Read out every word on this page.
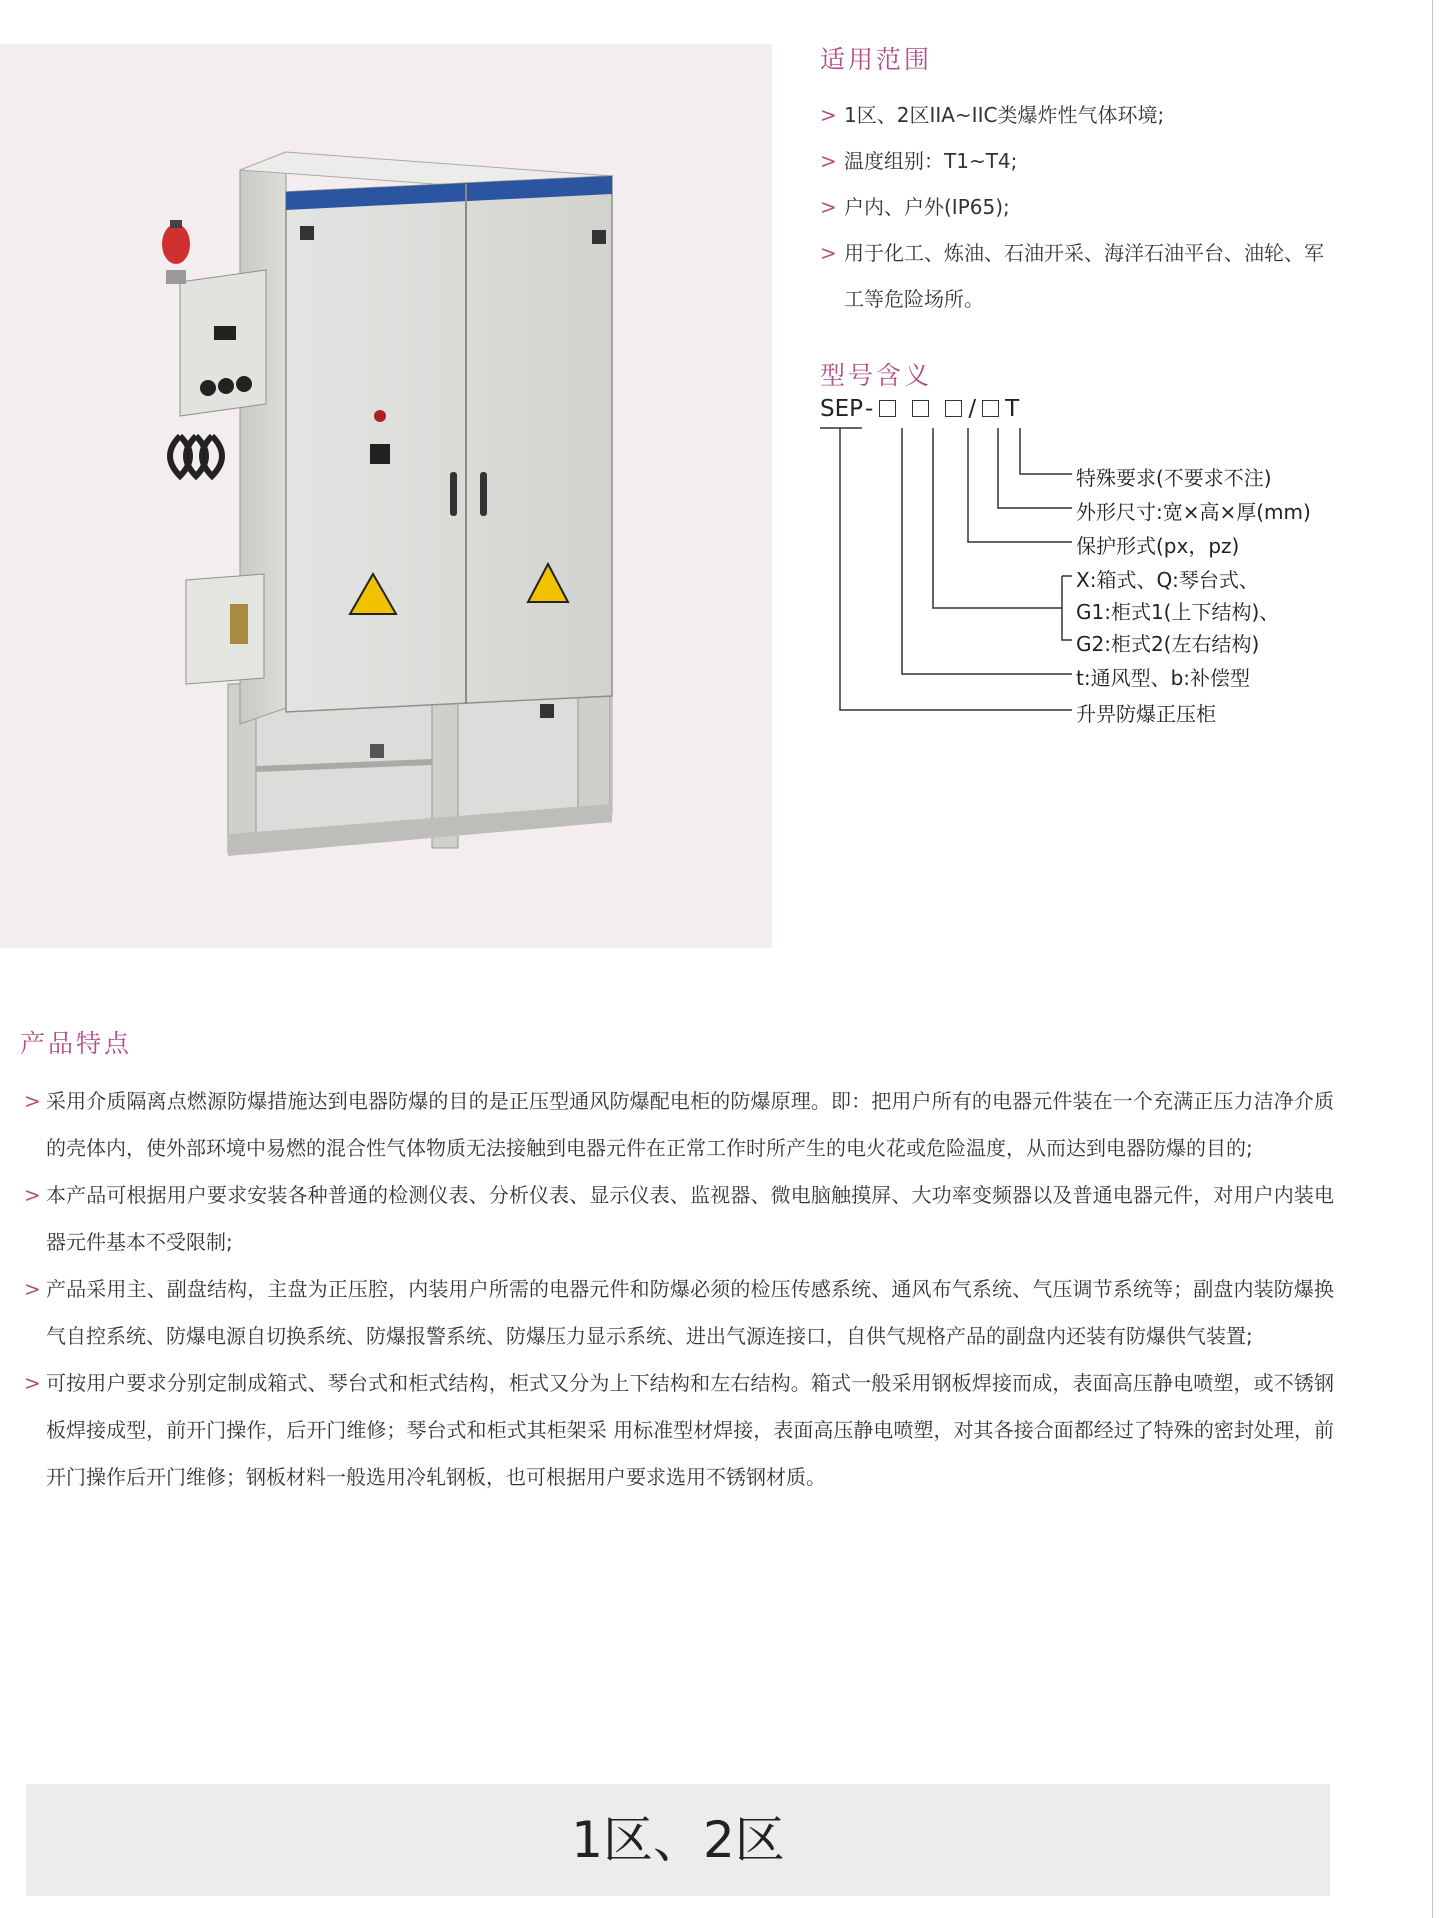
适用范围
> 1区、2区IIA~IIC类爆炸性气体环境;
> 温度组别：T1~T4;
> 户内、户外(IP65);
> 用于化工、炼油、石油开采、海洋石油平台、油轮、军工等危险场所。
型号含义
SEP-	/ T
特殊要求(不要求不注)
外形尺寸:宽×高×厚(mm)
保护形式(px，pz)
X:箱式、Q:琴台式、
G1:柜式1(上下结构)、
G2:柜式2(左右结构)
t:通风型、b:补偿型
升畀防爆正压柜
产品特点
> 采用介质隔离点燃源防爆措施达到电器防爆的目的是正压型通风防爆配电柜的防爆原理。即：把用户所有的电器元件装在一个充满正压力洁净介质的壳体内，使外部环境中易燃的混合性气体物质无法接触到电器元件在正常工作时所产生的电火花或危险温度，从而达到电器防爆的目的;
> 本产品可根据用户要求安装各种普通的检测仪表、分析仪表、显示仪表、监视器、微电脑触摸屏、大功率变频器以及普通电器元件，对用户内装电器元件基本不受限制;
> 产品采用主、副盘结构，主盘为正压腔，内装用户所需的电器元件和防爆必须的检压传感系统、通风布气系统、气压调节系统等；副盘内装防爆换气自控系统、防爆电源自切换系统、防爆报警系统、防爆压力显示系统、进出气源连接口，自供气规格产品的副盘内还装有防爆供气装置;
> 可按用户要求分别定制成箱式、琴台式和柜式结构，柜式又分为上下结构和左右结构。箱式一般采用钢板焊接而成，表面高压静电喷塑，或不锈钢板焊接成型，前开门操作，后开门维修；琴台式和柜式其柜架采 用标准型材焊接，表面高压静电喷塑，对其各接合面都经过了特殊的密封处理，前开门操作后开门维修；钢板材料一般选用冷轧钢板，也可根据用户要求选用不锈钢材质。
1区、2区
